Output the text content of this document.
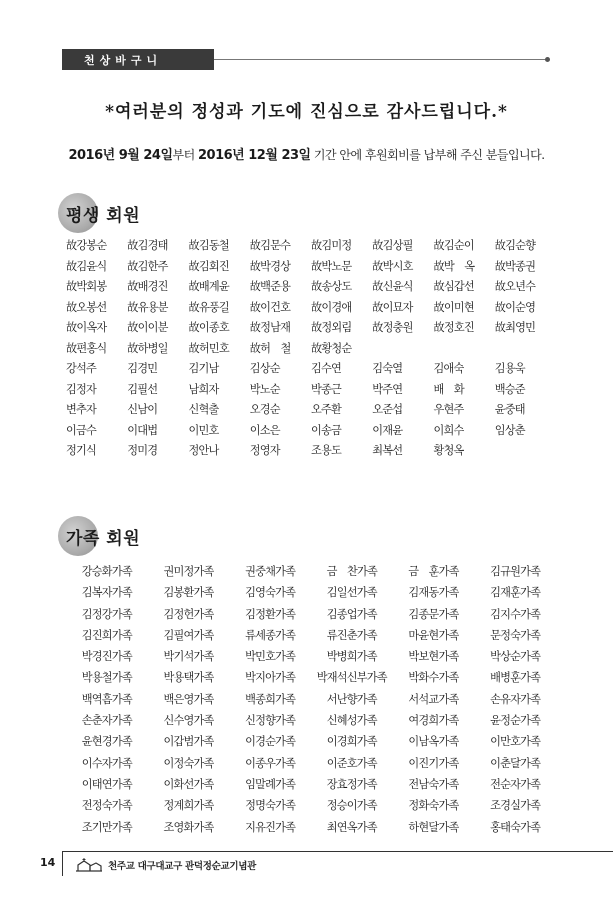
천상바구니
*여러분의 정성과 기도에 진심으로 감사드립니다.*
2016년 9월 24일부터 2016년 12월 23일 기간 안에 후원회비를 납부해 주신 분들입니다.
평생 회원
故강봉순	故김경태	故김동철	故김문수	故김미정	故김상필	故김순이	故김순향
故김윤식	故김한주	故김회진	故박경상	故박노문	故박시호	故박　옥	故박종권
故박회봉	故배경진	故배계윤	故백준용	故송상도	故신윤식	故심갑선	故오년수
故오봉선	故유용분	故유풍길	故이건호	故이경애	故이묘자	故이미현	故이순영
故이옥자	故이이분	故이종호	故정남재	故정외림	故정충원	故정호진	故최영민
故편홍식	故하병일	故허민호	故허　철	故황청순
강석주	김경민	김기남	김상순	김수연	김숙열	김애숙	김용욱
김정자	김필선	남희자	박노순	박종근	박주연	배　화	백승준
변추자	신남이	신혁출	오경순	오주환	오준섭	우현주	윤중태
이금수	이대법	이민호	이소은	이송금	이재윤	이희수	임상춘
정기식	정미경	정안나	정영자	조용도	최복선	황청옥
가족 회원
강승화가족	권미정가족	권중채가족	금　찬가족	금　훈가족	김규원가족
김복자가족	김봉환가족	김영숙가족	김일선가족	김재동가족	김재훈가족
김정강가족	김정헌가족	김정환가족	김종업가족	김종문가족	김지수가족
김진희가족	김필여가족	류세종가족	류진춘가족	마윤현가족	문정숙가족
박경진가족	박기석가족	박민호가족	박병희가족	박보현가족	박상순가족
박용철가족	박용택가족	박지아가족	박재석신부가족	박화수가족	배병훈가족
백역흠가족	백은영가족	백종희가족	서난향가족	서석교가족	손유자가족
손춘자가족	신수영가족	신정향가족	신혜성가족	여경희가족	윤정순가족
윤현경가족	이갑범가족	이경순가족	이경희가족	이남옥가족	이만호가족
이수자가족	이정숙가족	이종우가족	이준호가족	이진기가족	이춘달가족
이태연가족	이화선가족	임말례가족	장효정가족	전남숙가족	전순자가족
전정숙가족	정계희가족	정명숙가족	정승이가족	정화숙가족	조경실가족
조기만가족	조영화가족	지유진가족	최연옥가족	하현달가족	홍태숙가족
14	천주교 대구대교구 관덕정순교기념관
